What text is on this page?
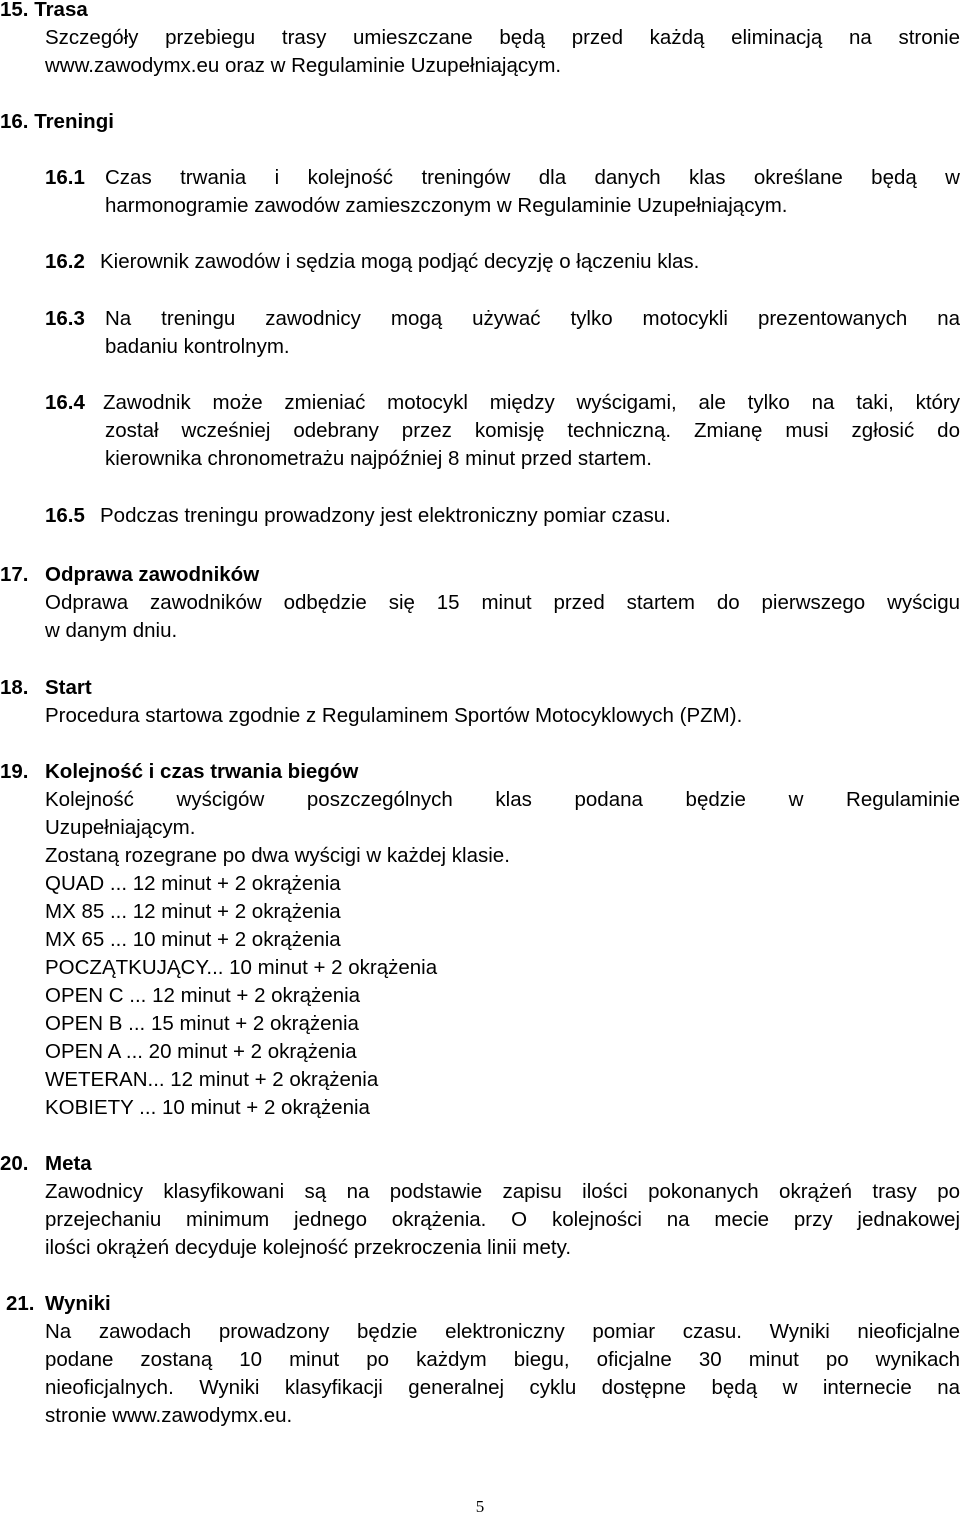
15. Trasa
Szczegóły przebiegu trasy umieszczane będą przed każdą eliminacją na stronie
www.zawodymx.eu oraz w Regulaminie Uzupełniającym.
16. Treningi
16.1 Czas trwania i kolejność treningów dla danych klas określane będą w
harmonogramie zawodów zamieszczonym w Regulaminie Uzupełniającym.
16.2 Kierownik zawodów i sędzia mogą podjąć decyzję o łączeniu klas.
16.3 Na treningu zawodnicy mogą używać tylko motocykli prezentowanych na
badaniu kontrolnym.
16.4 Zawodnik może zmieniać motocykl między wyścigami, ale tylko na taki, który
został wcześniej odebrany przez komisję techniczną. Zmianę musi zgłosić do
kierownika chronometrażu najpóźniej 8 minut przed startem.
16.5 Podczas treningu prowadzony jest elektroniczny pomiar czasu.
17. Odprawa zawodników
Odprawa zawodników odbędzie się 15 minut przed startem do pierwszego wyścigu
w danym dniu.
18. Start
Procedura startowa zgodnie z Regulaminem Sportów Motocyklowych (PZM).
19. Kolejność i czas trwania biegów
Kolejność wyścigów poszczególnych klas podana będzie w Regulaminie
Uzupełniającym.
Zostaną rozegrane po dwa wyścigi w każdej klasie.
QUAD ... 12 minut + 2 okrążenia
MX 85 ... 12 minut + 2 okrążenia
MX 65 ... 10 minut + 2 okrążenia
POCZĄTKUJĄCY... 10 minut + 2 okrążenia
OPEN C ... 12 minut + 2 okrążenia
OPEN B ... 15 minut + 2 okrążenia
OPEN A ... 20 minut + 2 okrążenia
WETERAN... 12 minut + 2 okrążenia
KOBIETY ... 10 minut + 2 okrążenia
20. Meta
Zawodnicy klasyfikowani są na podstawie zapisu ilości pokonanych okrążeń trasy po
przejechaniu minimum jednego okrążenia. O kolejności na mecie przy jednakowej
ilości okrążeń decyduje kolejność przekroczenia linii mety.
21. Wyniki
Na zawodach prowadzony będzie elektroniczny pomiar czasu. Wyniki nieoficjalne
podane zostaną 10 minut po każdym biegu, oficjalne 30 minut po wynikach
nieoficjalnych. Wyniki klasyfikacji generalnej cyklu dostępne będą w internecie na
stronie www.zawodymx.eu.
5
